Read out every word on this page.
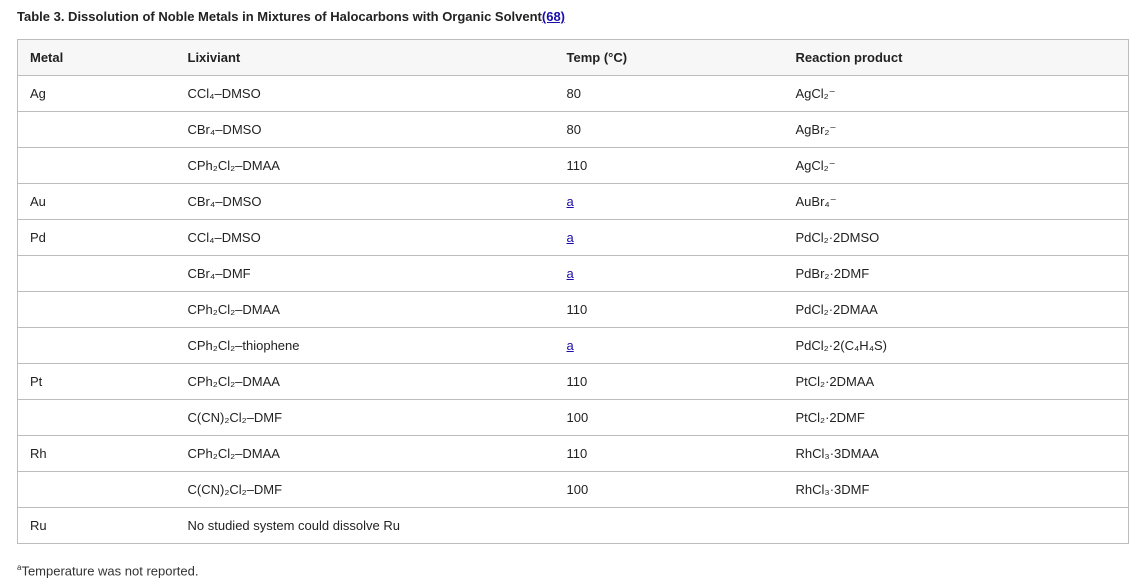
Table 3. Dissolution of Noble Metals in Mixtures of Halocarbons with Organic Solvent(68)
Metal	Lixiviant	Temp (°C)	Reaction product
Ag	CCl₄–DMSO	80	AgCl₂⁻
	CBr₄–DMSO	80	AgBr₂⁻
	CPh₂Cl₂–DMAA	110	AgCl₂⁻
Au	CBr₄–DMSO	a	AuBr₄⁻
Pd	CCl₄–DMSO	a	PdCl₂·2DMSO
	CBr₄–DMF	a	PdBr₂·2DMF
	CPh₂Cl₂–DMAA	110	PdCl₂·2DMAA
	CPh₂Cl₂–thiophene	a	PdCl₂·2(C₄H₄S)
Pt	CPh₂Cl₂–DMAA	110	PtCl₂·2DMAA
	C(CN)₂Cl₂–DMF	100	PtCl₂·2DMF
Rh	CPh₂Cl₂–DMAA	110	RhCl₃·3DMAA
	C(CN)₂Cl₂–DMF	100	RhCl₃·3DMF
Ru	No studied system could dissolve Ru		
$^a$Temperature was not reported.
